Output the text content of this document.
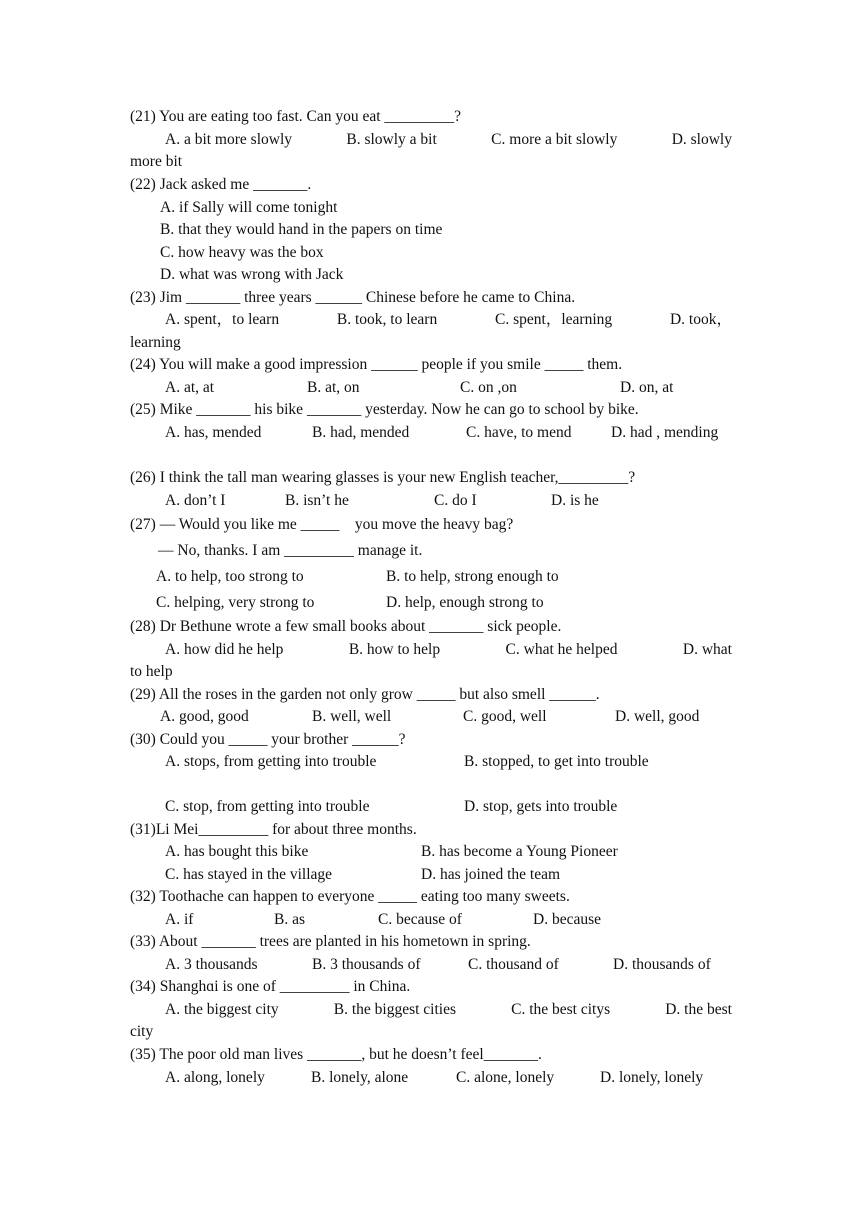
(21) You are eating too fast. Can you eat _________?
A. a bit more slowly	B. slowly a bit	C. more a bit slowly	D. slowly
more bit
(22) Jack asked me _______.
A. if Sally will come tonight
B. that they would hand in the papers on time
C. how heavy was the box
D. what was wrong with Jack
(23) Jim _______ three years ______ Chinese before he came to China.
A. spent，to learn	B. took, to learn	C. spent，learning	D. took，
learning
(24) You will make a good impression ______ people if you smile _____ them.
A. at, at	B. at, on	C. on ,on	D. on, at
(25) Mike _______ his bike _______ yesterday. Now he can go to school by bike.
A. has, mended	B. had, mended	C. have, to mend	D. had , mending
(26) I think the tall man wearing glasses is your new English teacher,_________?
A. don’t I	B. isn’t he	C. do I	D. is he
(27) — Would you like me _____    you move the heavy bag?
— No, thanks. I am _________ manage it.
A. to help, too strong to	B. to help, strong enough to
C. helping, very strong to	D. help, enough strong to
(28) Dr Bethune wrote a few small books about _______ sick people.
A. how did he help	B. how to help	C. what he helped	D. what
to help
(29) All the roses in the garden not only grow _____ but also smell ______.
A. good, good	B. well, well	C. good, well	D. well, good
(30) Could you _____ your brother ______?
A. stops, from getting into trouble	B. stopped, to get into trouble
C. stop, from getting into trouble	D. stop, gets into trouble
(31)Li Mei_________ for about three months.
A. has bought this bike	B. has become a Young Pioneer
C. has stayed in the village	D. has joined the team
(32) Toothache can happen to everyone _____ eating too many sweets.
A. if	B. as	C. because of	D. because
(33) About _______ trees are planted in his hometown in spring.
A. 3 thousands	B. 3 thousands of	C. thousand of	D. thousands of
(34) Shanghɑi is one of _________ in China.
A. the biggest city	B. the biggest cities	C. the best citys	D. the best
city
(35) The poor old man lives _______, but he doesn’t feel_______.
A. along, lonely	B. lonely, alone	C. alone, lonely	D. lonely, lonely
